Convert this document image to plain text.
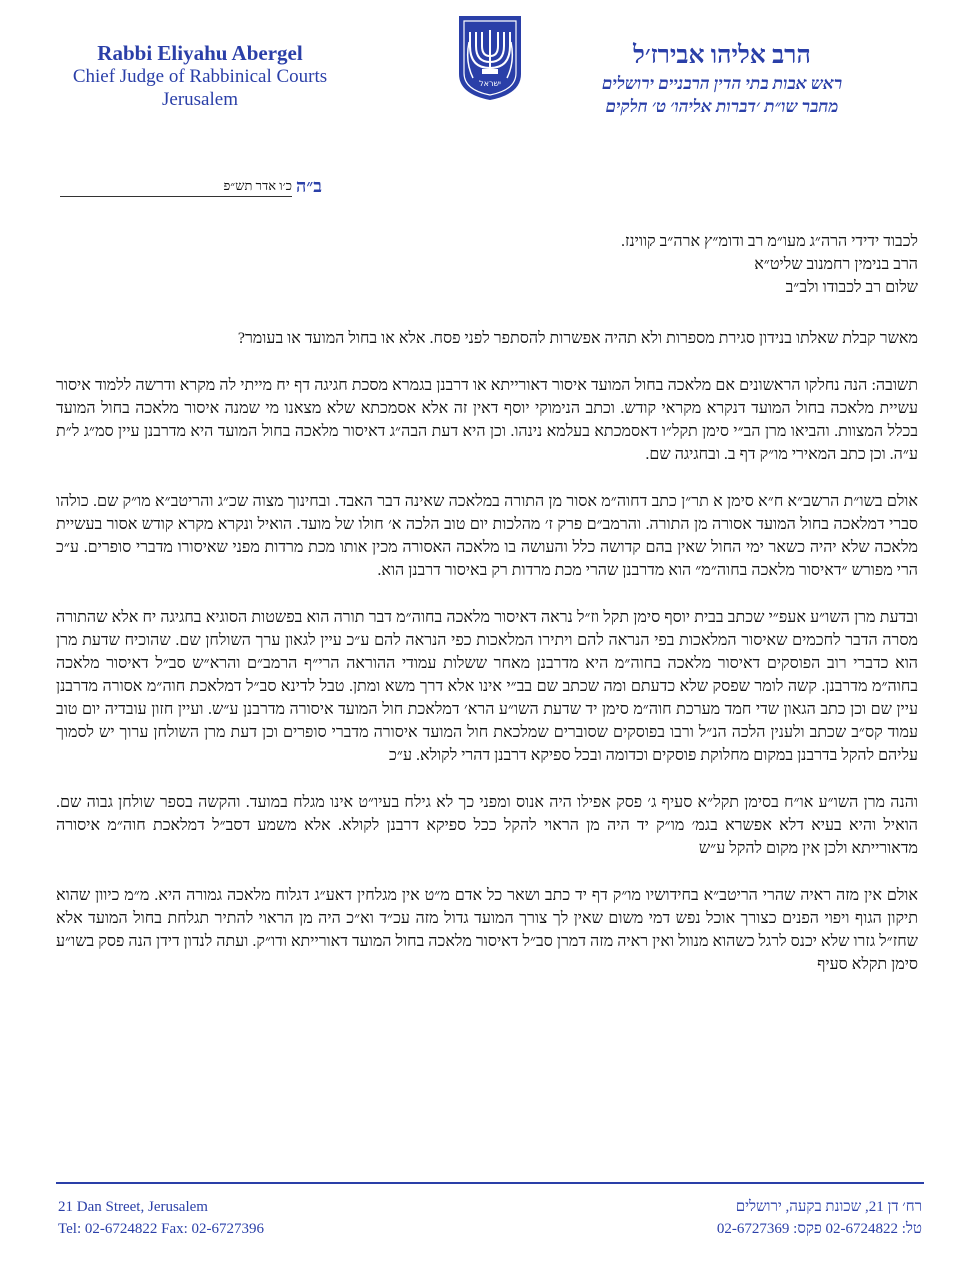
Rabbi Eliyahu Abergel
Chief Judge of Rabbinical Courts
Jerusalem
ישראל
הרב אליהו אבירז׳ל
ראש אבות בתי הדין הרבניים ירושלים
מחבר שו״ת ׳דברות אליהו׳ ט׳ חלקים
ב״ה
כ׳ו אדר תש״פ

לכבוד ידידי הרה״ג מעו״מ רב ודומ״ץ ארה״ב קווינז.

הרב בנימין רחמנוב שליט״א

שלום רב לכבודו ולב״ב

מאשר קבלת שאלתו בנידון סגירת מספרות ולא תהיה אפשרות להסתפר לפני פסח. אלא או בחול המועד או בעומר?

תשובה: הנה נחלקו הראשונים אם מלאכה בחול המועד איסור דאורייתא או דרבנן בגמרא מסכת חגיגה דף יח מייתי לה מקרא ודרשה ללמוד איסור עשיית מלאכה בחול המועד דנקרא מקראי קודש. וכתב הנימוקי יוסף דאין זה אלא אסמכתא שלא מצאנו מי שמנה איסור מלאכה בחול המועד בכלל המצוות. והביאו מרן הב״י סימן תקל״ו דאסמכתא בעלמא נינהו. וכן היא דעת הבה״ג דאיסור מלאכה בחול המועד היא מדרבנן עיין סמ״ג ל״ת ע״ה. וכן כתב המאירי מו״ק דף ב. ובחגיגה שם.

אולם בשו״ת הרשב״א ח״א סימן א תר״ן כתב דחוה״מ אסור מן התורה במלאכה שאינה דבר האבד. ובחינוך מצוה שכ״ג והריטב״א מו״ק שם. כולהו סברי דמלאכה בחול המועד אסורה מן התורה. והרמב״ם פרק ז׳ מהלכות יום טוב הלכה א׳ חולו של מועד. הואיל ונקרא מקרא קודש אסור בעשיית מלאכה שלא יהיה כשאר ימי החול שאין בהם קדושה כלל והעושה בו מלאכה האסורה מכין אותו מכת מרדות מפני שאיסורו מדברי סופרים. ע״כ הרי מפורש ״דאיסור מלאכה בחוה״מ״ הוא מדרבנן שהרי מכת מרדות רק באיסור דרבנן הוא.

ובדעת מרן השו״ע אעפ״י שכתב בבית יוסף סימן תקל וז״ל נראה דאיסור מלאכה בחוה״מ דבר תורה הוא בפשטות הסוגיא בחגיגה יח אלא שהתורה מסרה הדבר לחכמים שאיסור המלאכות בפי הנראה להם ויתירו המלאכות כפי הנראה להם ע״כ עיין לגאון ערך השולחן שם. שהוכיח שדעת מרן הוא כדברי רוב הפוסקים דאיסור מלאכה בחוה״מ היא מדרבנן מאחר ששלות עמודי ההוראה הרי״ף הרמב״ם והרא״ש סב״ל דאיסור מלאכה בחוה״מ מדרבנן. קשה לומר שפסק שלא כדעתם ומה שכתב שם בב״י אינו אלא דרך משא ומתן. טבל לדינא סב״ל דמלאכת חוה״מ אסורה מדרבנן עיין שם וכן כתב הגאון שדי חמד מערכת חוה״מ סימן יד שדעת השו״ע הרא׳ דמלאכת חול המועד איסורה מדרבנן ע״ש. ועיין חזון עובדיה יום טוב עמוד קס״ב שכתב ולענין הלכה הנ״ל ורבו בפוסקים שסוברים שמלכאת חול המועד איסורה מדברי סופרים וכן דעת מרן השולחן ערוך יש לסמוך עליהם להקל בדרבנן במקום מחלוקת פוסקים וכדומה ובכל ספיקא דרבנן דהרי לקולא. ע״כ

והנה מרן השו״ע או״ח בסימן תקל״א סעיף ג׳ פסק אפילו היה אנוס ומפני כך לא גילח בעיו״ט אינו מגלח במועד. והקשה בספר שולחן גבוה שם. הואיל והיא בעיא דלא אפשרא בגמ׳ מו״ק יד היה מן הראוי להקל ככל ספיקא דרבנן לקולא. אלא משמע דסב״ל דמלאכת חוה״מ איסורה מדאורייתא ולכן אין מקום להקל ע״ש

אולם אין מזה ראיה שהרי הריטב״א בחידושיו מו״ק דף יד כתב ושאר כל אדם מ״ט אין מגלחין דאע״ג דגלוח מלאכה גמורה היא. מ״מ כיוון שהוא תיקון הגוף ויפוי הפנים כצורך אוכל נפש דמי משום שאין לך צורך המועד גדול מזה עכ״ד וא״כ היה מן הראוי להתיר תגלחת בחול המועד אלא שחז״ל גזרו שלא יכנס לרגל כשהוא מנוול ואין ראיה מזה דמרן סב״ל דאיסור מלאכה בחול המועד דאורייתא ודו״ק. ועתה לנדון דידן הנה פסק בשו״ע סימן תקלא סעיף

21 Dan Street, Jerusalem
Tel: 02-6724822 Fax: 02-6727396
רח׳ דן 21, שכונת בקעה, ירושלים
טל: 02-6724822 פקס: 02-6727369
